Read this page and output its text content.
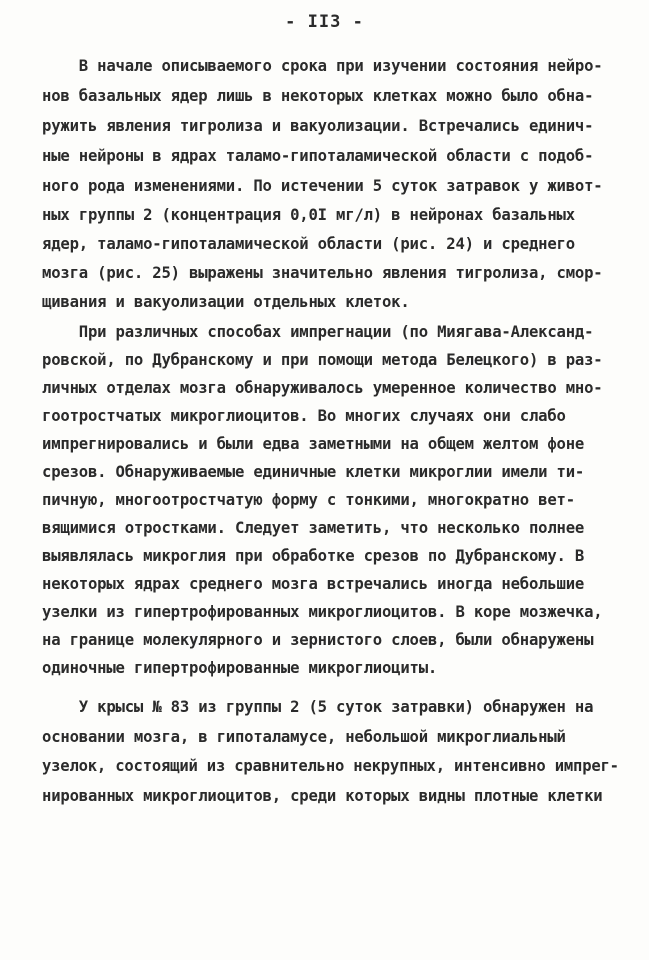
- II3 -
В начале описываемого срока при изучении состояния нейро-
нов базальных ядер лишь в некоторых клетках можно было обна-
ружить явления тигролиза и вакуолизации. Встречались единич-
ные нейроны в ядрах таламо-гипоталамической области с подоб-
ного рода изменениями. По истечении 5 суток затравок у живот-
ных группы 2 (концентрация 0,0I мг/л) в нейронах базальных
ядер, таламо-гипоталамической области (рис. 24) и среднего
мозга (рис. 25) выражены значительно явления тигролиза, смор-
щивания и вакуолизации отдельных клеток.
При различных способах импрегнации (по Миягава-Александ-
ровской, по Дубранскому и при помощи метода Белецкого) в раз-
личных отделах мозга обнаруживалось умеренное количество мно-
гоотростчатых микроглиоцитов. Во многих случаях они слабо
импрегнировались и были едва заметными на общем желтом фоне
срезов. Обнаруживаемые единичные клетки микроглии имели ти-
пичную, многоотростчатую форму с тонкими, многократно вет-
вящимися отростками. Следует заметить, что несколько полнее
выявлялась микроглия при обработке срезов по Дубранскому. В
некоторых ядрах среднего мозга встречались иногда небольшие
узелки из гипертрофированных микроглиоцитов. В коре мозжечка,
на границе молекулярного и зернистого слоев, были обнаружены
одиночные гипертрофированные микроглиоциты.
У крысы № 83 из группы 2 (5 суток затравки) обнаружен на
основании мозга, в гипоталамусе, небольшой микроглиальный
узелок, состоящий из сравнительно некрупных, интенсивно импрег-
нированных микроглиоцитов, среди которых видны плотные клетки
